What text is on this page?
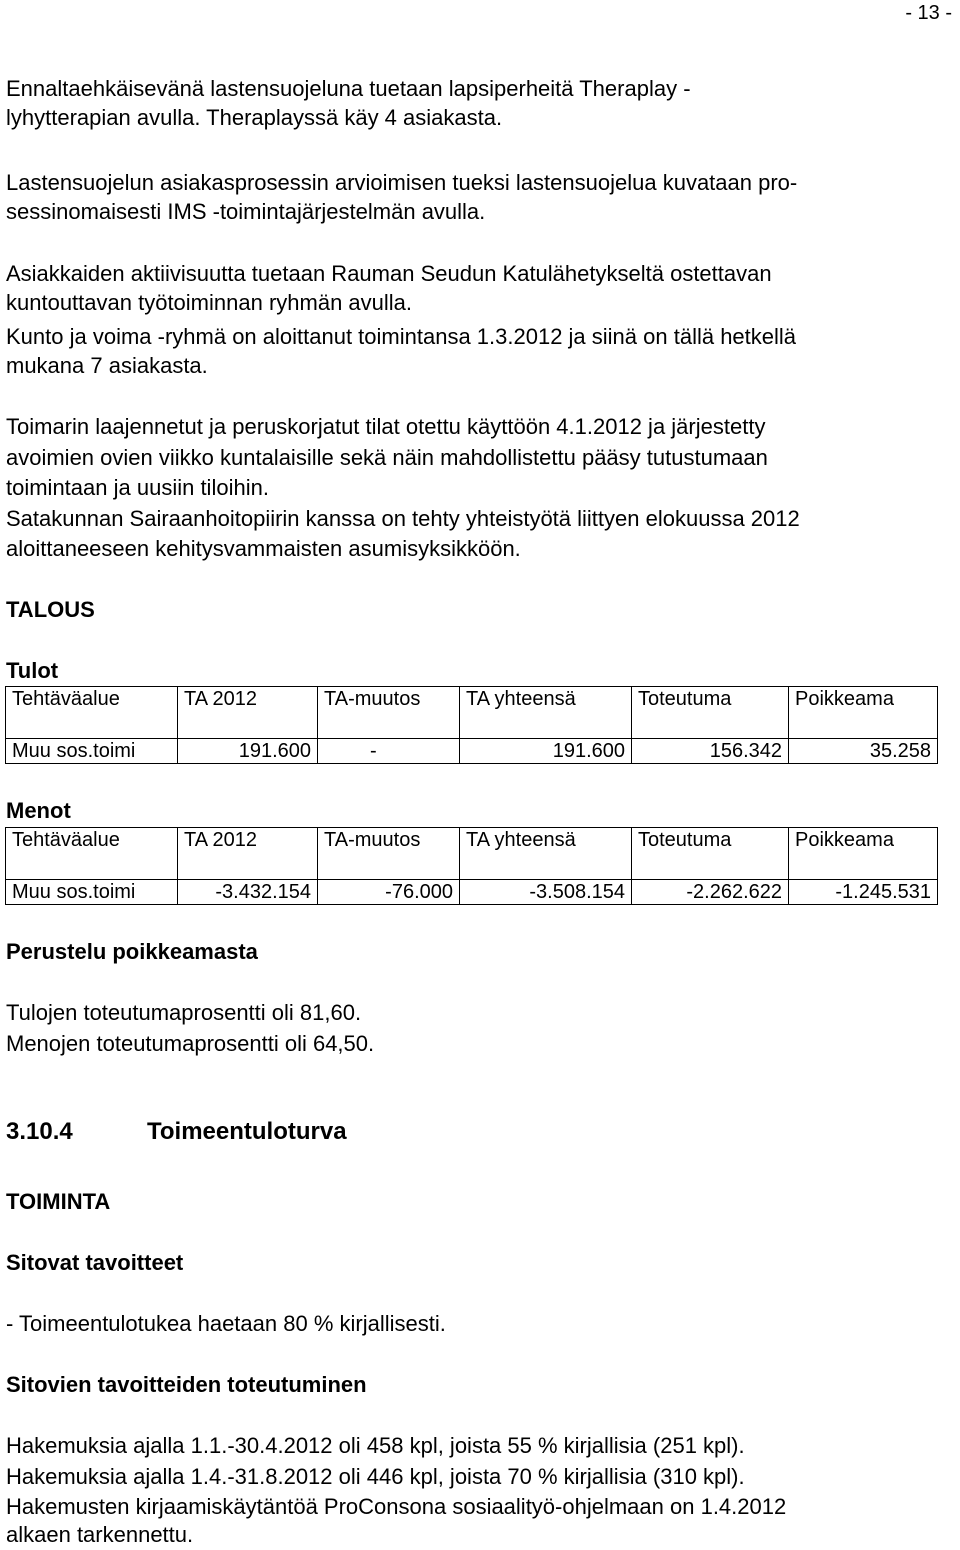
- 13 -
Ennaltaehkäisevänä lastensuojeluna tuetaan lapsiperheitä Theraplay -
lyhytterapian avulla. Theraplayssä käy 4 asiakasta.
Lastensuojelun asiakasprosessin arvioimisen tueksi lastensuojelua kuvataan pro-
sessinomaisesti IMS -toimintajärjestelmän avulla.
Asiakkaiden aktiivisuutta tuetaan Rauman Seudun Katulähetykseltä ostettavan
kuntouttavan työtoiminnan ryhmän avulla.
Kunto ja voima -ryhmä on aloittanut toimintansa 1.3.2012 ja siinä on tällä hetkellä
mukana 7 asiakasta.
Toimarin laajennetut ja peruskorjatut tilat otettu käyttöön 4.1.2012 ja järjestetty
avoimien ovien viikko kuntalaisille sekä näin mahdollistettu pääsy tutustumaan
toimintaan ja uusiin tiloihin.
Satakunnan Sairaanhoitopiirin kanssa on tehty yhteistyötä liittyen elokuussa 2012
aloittaneeseen kehitysvammaisten asumisyksikköön.
TALOUS
Tulot
Tehtäväalue	TA 2012	TA-muutos	TA yhteensä	Toteutuma	Poikkeama
Muu sos.toimi	191.600	-	191.600	156.342	35.258
Menot
Tehtäväalue	TA 2012	TA-muutos	TA yhteensä	Toteutuma	Poikkeama
Muu sos.toimi	-3.432.154	-76.000	-3.508.154	-2.262.622	-1.245.531
Perustelu poikkeamasta
Tulojen toteutumaprosentti oli 81,60.
Menojen toteutumaprosentti oli 64,50.
3.10.4	Toimeentuloturva
TOIMINTA
Sitovat tavoitteet
- Toimeentulotukea haetaan 80 % kirjallisesti.
Sitovien tavoitteiden toteutuminen
Hakemuksia ajalla 1.1.-30.4.2012 oli 458 kpl, joista 55 % kirjallisia (251 kpl).
Hakemuksia ajalla 1.4.-31.8.2012 oli 446 kpl, joista 70 % kirjallisia (310 kpl).
Hakemusten kirjaamiskäytäntöä ProConsona sosiaalityö-ohjelmaan on 1.4.2012
alkaen tarkennettu.
